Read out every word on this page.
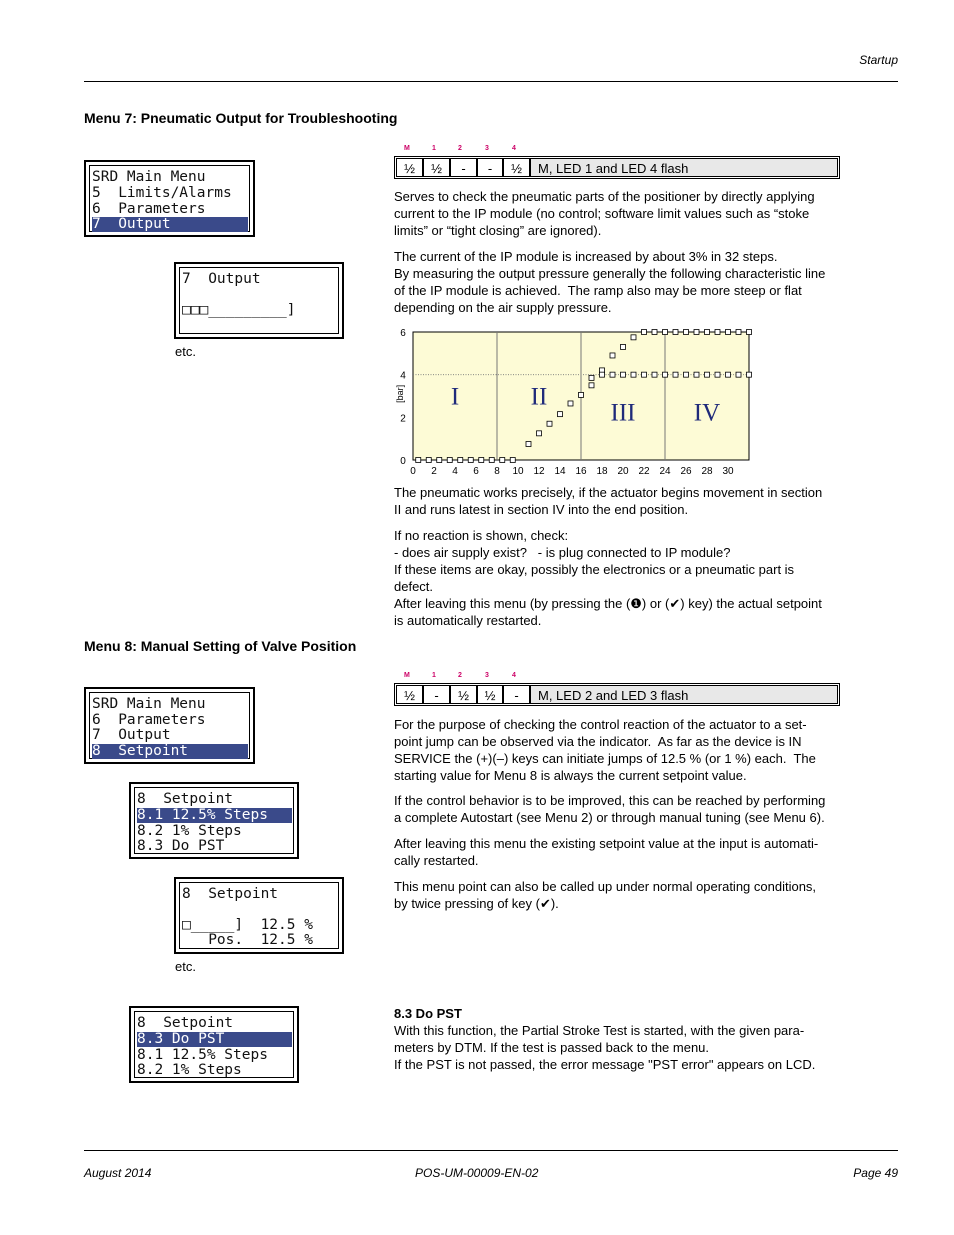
Startup
August 2014	POS-UM-00009-EN-02	Page 49
Menu 7: Pneumatic Output for Troubleshooting
SRD Main Menu
5  Limits/Alarms
6  Parameters
7  Output
7  Output
□□□_________]
etc.
M	1	2	3	4
½	½	-	-	½	M, LED 1 and LED 4 flash
Serves to check the pneumatic parts of the positioner by directly applying
current to the IP module (no control; software limit values such as “stoke
limits” or “tight closing” are ignored).
The current of the IP module is increased by about 3% in 32 steps.
By measuring the output pressure generally the following characteristic line
of the IP module is achieved.  The ramp also may be more steep or flat
depending on the air supply pressure.
I	II
III IV
0 2 4 6 8 10 12 14 16 18 20 22 24 26 28 30
0
2
4
6
[bar]
The pneumatic works precisely, if the actuator begins movement in section
II and runs latest in section IV into the end position.
If no reaction is shown, check:
- does air supply exist?   - is plug connected to IP module?
If these items are okay, possibly the electronics or a pneumatic part is
defect.
After leaving this menu (by pressing the (❶) or (✔) key) the actual setpoint
is automatically restarted.
Menu 8: Manual Setting of Valve Position
SRD Main Menu
6  Parameters
7  Output
8  Setpoint
8  Setpoint
8.1 12.5% Steps
8.2 1% Steps
8.3 Do PST
8  Setpoint
□_____]  12.5 %
Pos.  12.5 %
etc.
8  Setpoint
8.3 Do PST
8.1 12.5% Steps
8.2 1% Steps
M	1	2	3	4
½	-	½	½	-	M, LED 2 and LED 3 flash
For the purpose of checking the control reaction of the actuator to a set-
point jump can be observed via the indicator.  As far as the device is IN
SERVICE the (+)(–) keys can initiate jumps of 12.5 % (or 1 %) each.  The
starting value for Menu 8 is always the current setpoint value.
If the control behavior is to be improved, this can be reached by performing
a complete Autostart (see Menu 2) or through manual tuning (see Menu 6).
After leaving this menu the existing setpoint value at the input is automati-
cally restarted.
This menu point can also be called up under normal operating conditions,
by twice pressing of key (✔).
8.3 Do PST
With this function, the Partial Stroke Test is started, with the given para-
meters by DTM. If the test is passed back to the menu.
If the PST is not passed, the error message "PST error" appears on LCD.
